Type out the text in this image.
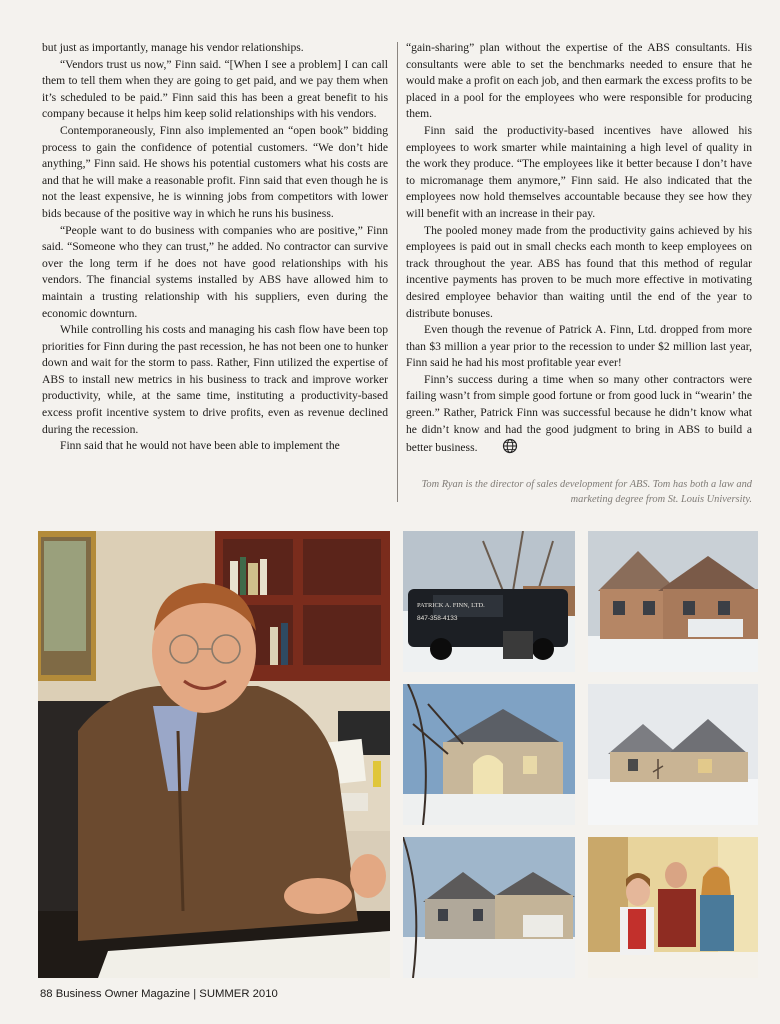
but just as importantly, manage his vendor relationships.

“Vendors trust us now,” Finn said. “[When I see a problem] I can call them to tell them when they are going to get paid, and we pay them when it’s scheduled to be paid.” Finn said this has been a great benefit to his company because it helps him keep solid relationships with his vendors.

Contemporaneously, Finn also implemented an “open book” bidding process to gain the confidence of potential customers. “We don’t hide anything,” Finn said. He shows his potential customers what his costs are and that he will make a reasonable profit. Finn said that even though he is not the least expensive, he is winning jobs from competitors with lower bids because of the positive way in which he runs his business.

“People want to do business with companies who are positive,” Finn said. “Someone who they can trust,” he added. No contractor can survive over the long term if he does not have good relationships with his vendors. The financial systems installed by ABS have allowed him to maintain a trusting relationship with his suppliers, even during the economic downturn.

While controlling his costs and managing his cash flow have been top priorities for Finn during the past recession, he has not been one to hunker down and wait for the storm to pass. Rather, Finn utilized the expertise of ABS to install new metrics in his business to track and improve worker productivity, while, at the same time, instituting a productivity-based excess profit incentive system to drive profits, even as revenue declined during the recession.

Finn said that he would not have been able to implement the

“gain-sharing” plan without the expertise of the ABS consultants. His consultants were able to set the benchmarks needed to ensure that he would make a profit on each job, and then earmark the excess profits to be placed in a pool for the employees who were responsible for producing them.

Finn said the productivity-based incentives have allowed his employees to work smarter while maintaining a high level of quality in the work they produce. “The employees like it better because I don’t have to micromanage them anymore,” Finn said. He also indicated that the employees now hold themselves accountable because they see how they will benefit with an increase in their pay.

The pooled money made from the productivity gains achieved by his employees is paid out in small checks each month to keep employees on track throughout the year. ABS has found that this method of regular incentive payments has proven to be much more effective in motivating desired employee behavior than waiting until the end of the year to distribute bonuses.

Even though the revenue of Patrick A. Finn, Ltd. dropped from more than $3 million a year prior to the recession to under $2 million last year, Finn said he had his most profitable year ever!

Finn’s success during a time when so many other contractors were failing wasn’t from simple good fortune or from good luck in “wearin’ the green.” Rather, Patrick Finn was successful because he didn’t know what he didn’t know and had the good judgment to bring in ABS to build a better business.

Tom Ryan is the director of sales development for ABS. Tom has both a law and marketing degree from St. Louis University.
PATRICK A. FINN, LTD.
847-358-4133
88 Business Owner Magazine | SUMMER 2010
